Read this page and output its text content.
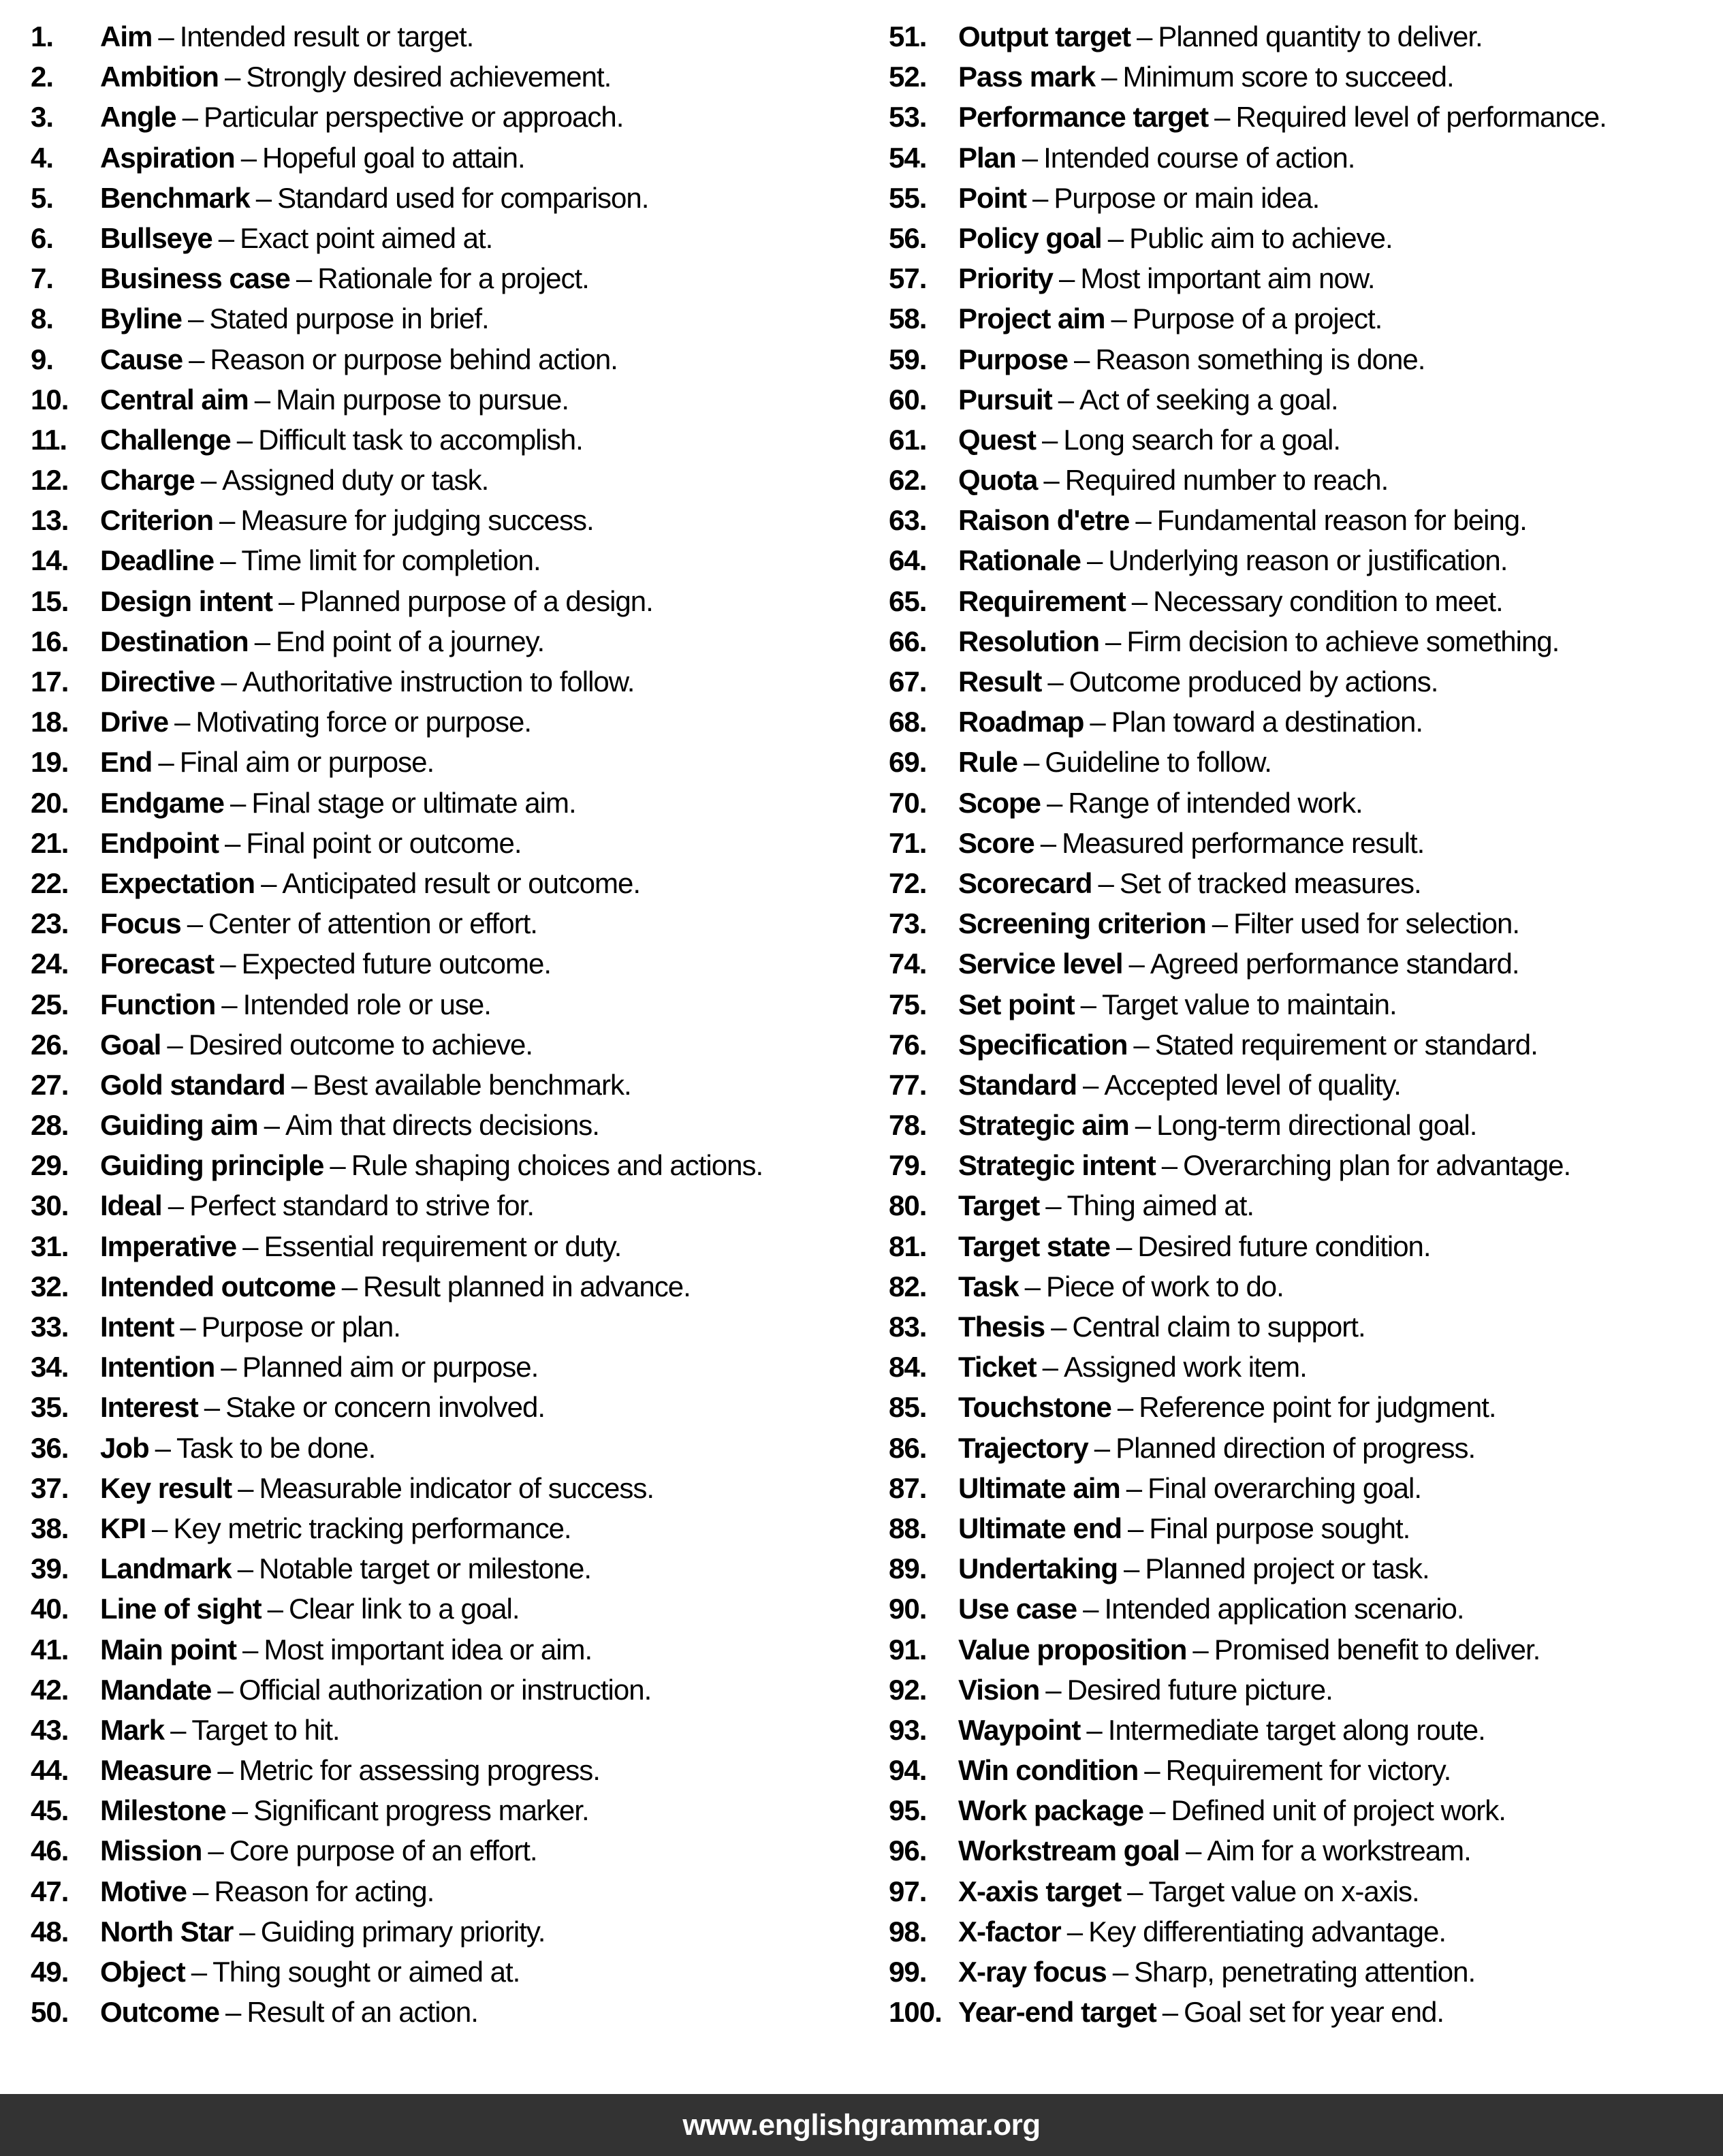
1.	Aim – Intended result or target.
2.	Ambition – Strongly desired achievement.
3.	Angle – Particular perspective or approach.
4.	Aspiration – Hopeful goal to attain.
5.	Benchmark – Standard used for comparison.
6.	Bullseye – Exact point aimed at.
7.	Business case – Rationale for a project.
8.	Byline – Stated purpose in brief.
9.	Cause – Reason or purpose behind action.
10.	Central aim – Main purpose to pursue.
11.	Challenge – Difficult task to accomplish.
12.	Charge – Assigned duty or task.
13.	Criterion – Measure for judging success.
14.	Deadline – Time limit for completion.
15.	Design intent – Planned purpose of a design.
16.	Destination – End point of a journey.
17.	Directive – Authoritative instruction to follow.
18.	Drive – Motivating force or purpose.
19.	End – Final aim or purpose.
20.	Endgame – Final stage or ultimate aim.
21.	Endpoint – Final point or outcome.
22.	Expectation – Anticipated result or outcome.
23.	Focus – Center of attention or effort.
24.	Forecast – Expected future outcome.
25.	Function – Intended role or use.
26.	Goal – Desired outcome to achieve.
27.	Gold standard – Best available benchmark.
28.	Guiding aim – Aim that directs decisions.
29.	Guiding principle – Rule shaping choices and actions.
30.	Ideal – Perfect standard to strive for.
31.	Imperative – Essential requirement or duty.
32.	Intended outcome – Result planned in advance.
33.	Intent – Purpose or plan.
34.	Intention – Planned aim or purpose.
35.	Interest – Stake or concern involved.
36.	Job – Task to be done.
37.	Key result – Measurable indicator of success.
38.	KPI – Key metric tracking performance.
39.	Landmark – Notable target or milestone.
40.	Line of sight – Clear link to a goal.
41.	Main point – Most important idea or aim.
42.	Mandate – Official authorization or instruction.
43.	Mark – Target to hit.
44.	Measure – Metric for assessing progress.
45.	Milestone – Significant progress marker.
46.	Mission – Core purpose of an effort.
47.	Motive – Reason for acting.
48.	North Star – Guiding primary priority.
49.	Object – Thing sought or aimed at.
50.	Outcome – Result of an action.
51.	Output target – Planned quantity to deliver.
52.	Pass mark – Minimum score to succeed.
53.	Performance target – Required level of performance.
54.	Plan – Intended course of action.
55.	Point – Purpose or main idea.
56.	Policy goal – Public aim to achieve.
57.	Priority – Most important aim now.
58.	Project aim – Purpose of a project.
59.	Purpose – Reason something is done.
60.	Pursuit – Act of seeking a goal.
61.	Quest – Long search for a goal.
62.	Quota – Required number to reach.
63.	Raison d'etre – Fundamental reason for being.
64.	Rationale – Underlying reason or justification.
65.	Requirement – Necessary condition to meet.
66.	Resolution – Firm decision to achieve something.
67.	Result – Outcome produced by actions.
68.	Roadmap – Plan toward a destination.
69.	Rule – Guideline to follow.
70.	Scope – Range of intended work.
71.	Score – Measured performance result.
72.	Scorecard – Set of tracked measures.
73.	Screening criterion – Filter used for selection.
74.	Service level – Agreed performance standard.
75.	Set point – Target value to maintain.
76.	Specification – Stated requirement or standard.
77.	Standard – Accepted level of quality.
78.	Strategic aim – Long-term directional goal.
79.	Strategic intent – Overarching plan for advantage.
80.	Target – Thing aimed at.
81.	Target state – Desired future condition.
82.	Task – Piece of work to do.
83.	Thesis – Central claim to support.
84.	Ticket – Assigned work item.
85.	Touchstone – Reference point for judgment.
86.	Trajectory – Planned direction of progress.
87.	Ultimate aim – Final overarching goal.
88.	Ultimate end – Final purpose sought.
89.	Undertaking – Planned project or task.
90.	Use case – Intended application scenario.
91.	Value proposition – Promised benefit to deliver.
92.	Vision – Desired future picture.
93.	Waypoint – Intermediate target along route.
94.	Win condition – Requirement for victory.
95.	Work package – Defined unit of project work.
96.	Workstream goal – Aim for a workstream.
97.	X-axis target – Target value on x-axis.
98.	X-factor – Key differentiating advantage.
99.	X-ray focus – Sharp, penetrating attention.
100. Year-end target – Goal set for year end.
www.englishgrammar.org
